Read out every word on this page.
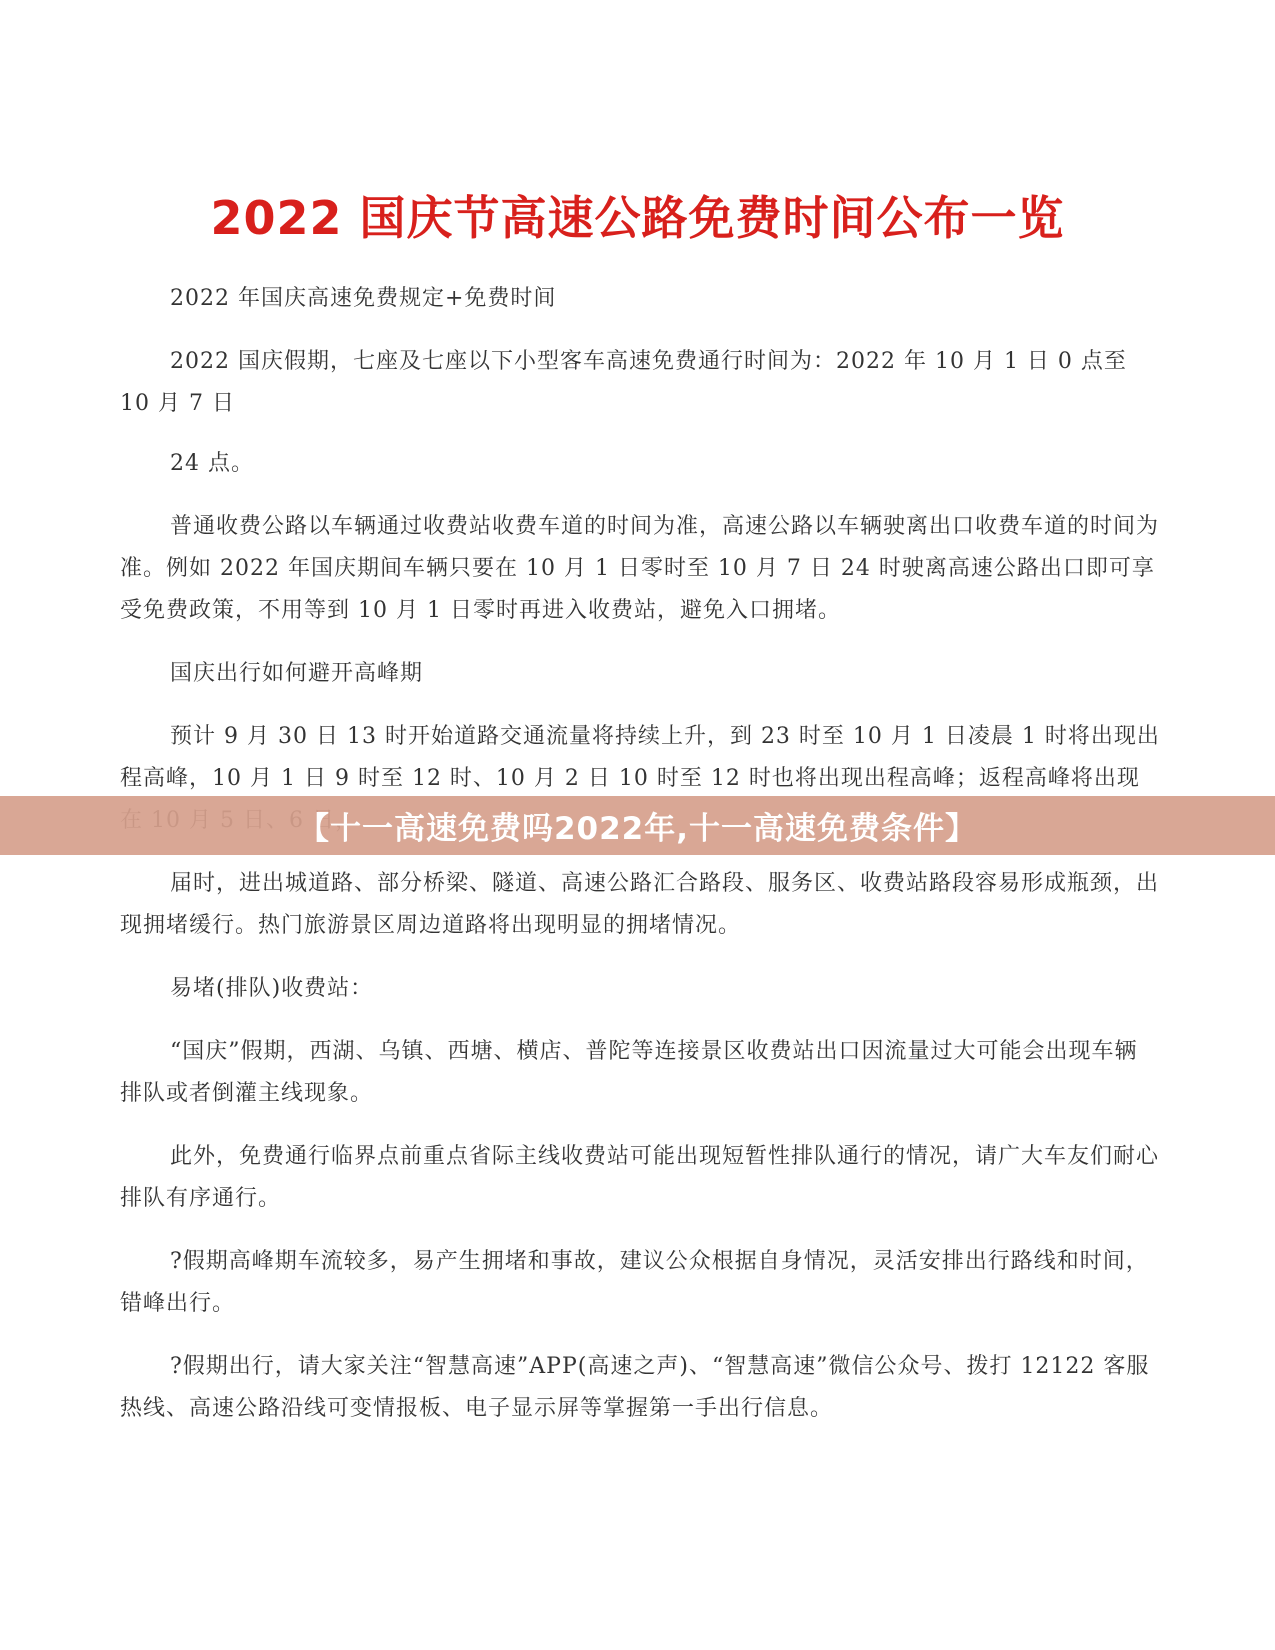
2022 国庆节高速公路免费时间公布一览

2022 年国庆高速免费规定+免费时间

2022 国庆假期，七座及七座以下小型客车高速免费通行时间为：2022 年 10 月 1 日 0 点至 10 月 7 日

24 点。

普通收费公路以车辆通过收费站收费车道的时间为准，高速公路以车辆驶离出口收费车道的时间为准。例如 2022 年国庆期间车辆只要在 10 月 1 日零时至 10 月 7 日 24 时驶离高速公路出口即可享受免费政策，不用等到 10 月 1 日零时再进入收费站，避免入口拥堵。

国庆出行如何避开高峰期

预计 9 月 30 日 13 时开始道路交通流量将持续上升，到 23 时至 10 月 1 日凌晨 1 时将出现出程高峰，10 月 1 日 9 时至 12 时、10 月 2 日 10 时至 12 时也将出现出程高峰；返程高峰将出现

届时，进出城道路、部分桥梁、隧道、高速公路汇合路段、服务区、收费站路段容易形成瓶颈，出现拥堵缓行。热门旅游景区周边道路将出现明显的拥堵情况。

易堵(排队)收费站：

“国庆”假期，西湖、乌镇、西塘、横店、普陀等连接景区收费站出口因流量过大可能会出现车辆排队或者倒灌主线现象。

此外，免费通行临界点前重点省际主线收费站可能出现短暂性排队通行的情况，请广大车友们耐心排队有序通行。

?假期高峰期车流较多，易产生拥堵和事故，建议公众根据自身情况，灵活安排出行路线和时间，错峰出行。

?假期出行，请大家关注“智慧高速”APP(高速之声)、“智慧高速”微信公众号、拨打 12122 客服热线、高速公路沿线可变情报板、电子显示屏等掌握第一手出行信息。

【十一高速免费吗2022年,十一高速免费条件】
